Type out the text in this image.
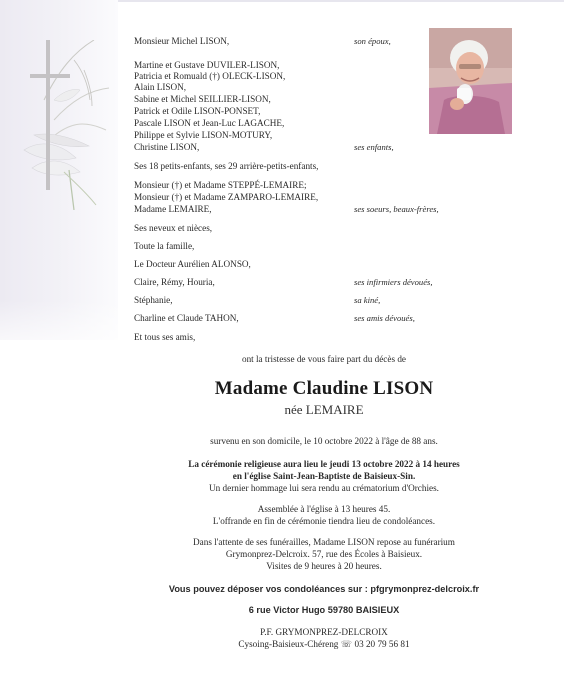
Monsieur Michel LISON,
Martine et Gustave DUVILER-LISON,
Patricia et Romuald (†) OLECK-LISON,
Alain LISON,
Sabine et Michel SEILLIER-LISON,
Patrick et Odile LISON-PONSET,
Pascale LISON et Jean-Luc LAGACHE,
Philippe et Sylvie LISON-MOTURY,
Christine LISON,
Ses 18 petits-enfants, ses 29 arrière-petits-enfants,
Monsieur (†) et Madame STEPPÉ-LEMAIRE;
Monsieur (†) et Madame ZAMPARO-LEMAIRE,
Madame LEMAIRE,
Ses neveux et nièces,
Toute la famille,
Le Docteur Aurélien ALONSO,
Claire, Rémy, Houria,
Stéphanie,
Charline et Claude TAHON,
Et tous ses amis,
son époux,
ses enfants,
ses soeurs, beaux-frères,
ses infirmiers dévoués,
sa kiné,
ses amis dévoués,
ont la tristesse de vous faire part du décès de
Madame Claudine LISON
née LEMAIRE
survenu en son domicile, le 10 octobre 2022 à l'âge de 88 ans.
La cérémonie religieuse aura lieu le jeudi 13 octobre 2022 à 14 heures
en l'église Saint-Jean-Baptiste de Baisieux-Sin.
Un dernier hommage lui sera rendu au crématorium d'Orchies.
Assemblée à l'église à 13 heures 45.
L'offrande en fin de cérémonie tiendra lieu de condoléances.
Dans l'attente de ses funérailles, Madame LISON repose au funérarium
Grymonprez-Delcroix. 57, rue des Écoles à Baisieux.
Visites de 9 heures à 20 heures.
Vous pouvez déposer vos condoléances sur : pfgrymonprez-delcroix.fr
6 rue Victor Hugo 59780 BAISIEUX
P.F. GRYMONPREZ-DELCROIX
Cysoing-Baisieux-Chéreng ☏ 03 20 79 56 81
